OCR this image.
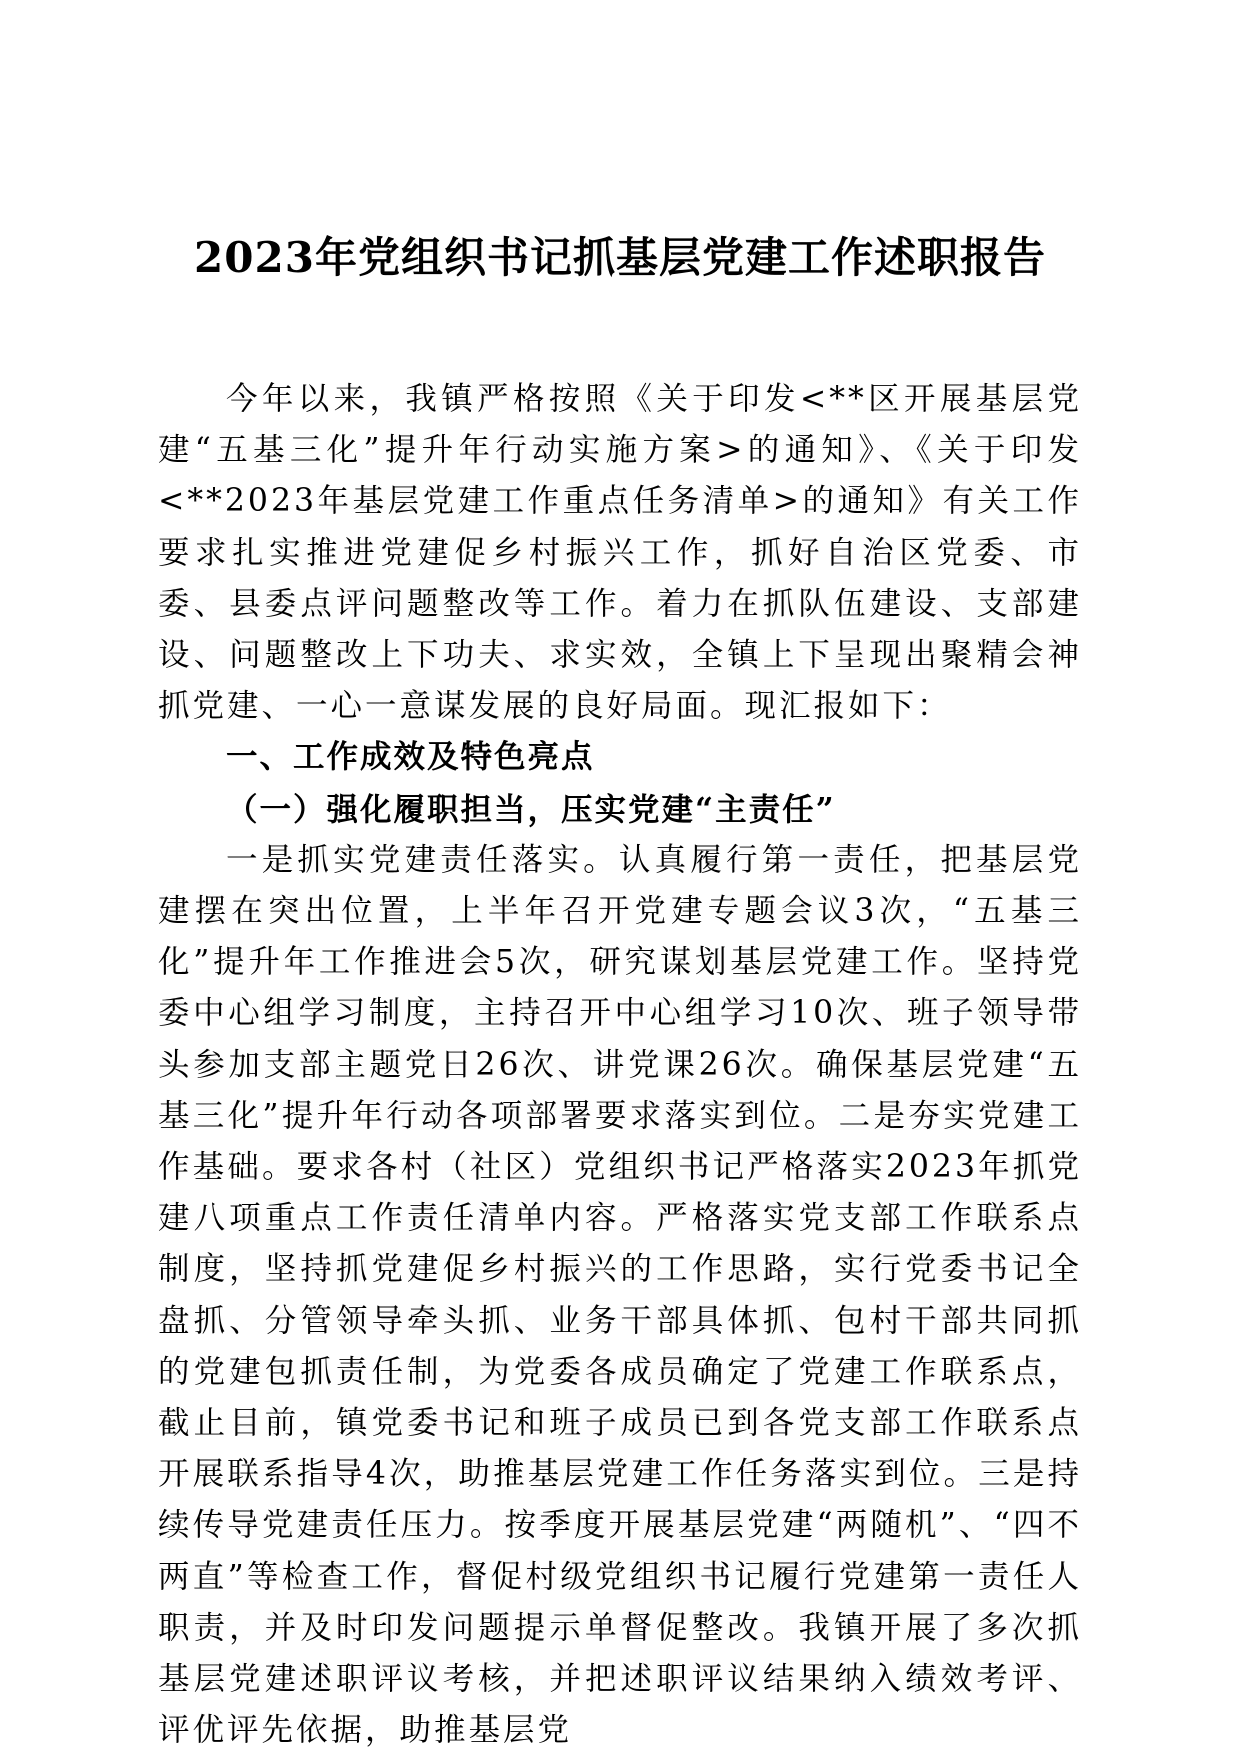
2023年党组织书记抓基层党建工作述职报告

今年以来，我镇严格按照《关于印发<**区开展基层党建“五基三化”提升年行动实施方案>的通知》、《关于印发<**2023年基层党建工作重点任务清单>的通知》有关工作要求扎实推进党建促乡村振兴工作，抓好自治区党委、市委、县委点评问题整改等工作。着力在抓队伍建设、支部建设、问题整改上下功夫、求实效，全镇上下呈现出聚精会神抓党建、一心一意谋发展的良好局面。现汇报如下：

一、工作成效及特色亮点

（一）强化履职担当，压实党建“主责任”

一是抓实党建责任落实。认真履行第一责任，把基层党建摆在突出位置，上半年召开党建专题会议3次，“五基三化”提升年工作推进会5次，研究谋划基层党建工作。坚持党委中心组学习制度，主持召开中心组学习10次、班子领导带头参加支部主题党日26次、讲党课26次。确保基层党建“五基三化”提升年行动各项部署要求落实到位。二是夯实党建工作基础。要求各村（社区）党组织书记严格落实2023年抓党建八项重点工作责任清单内容。严格落实党支部工作联系点制度，坚持抓党建促乡村振兴的工作思路，实行党委书记全盘抓、分管领导牵头抓、业务干部具体抓、包村干部共同抓的党建包抓责任制，为党委各成员确定了党建工作联系点，截止目前，镇党委书记和班子成员已到各党支部工作联系点开展联系指导4次，助推基层党建工作任务落实到位。三是持续传导党建责任压力。按季度开展基层党建“两随机”、“四不两直”等检查工作，督促村级党组织书记履行党建第一责任人职责，并及时印发问题提示单督促整改。我镇开展了多次抓基层党建述职评议考核，并把述职评议结果纳入绩效考评、评优评先依据，助推基层党
